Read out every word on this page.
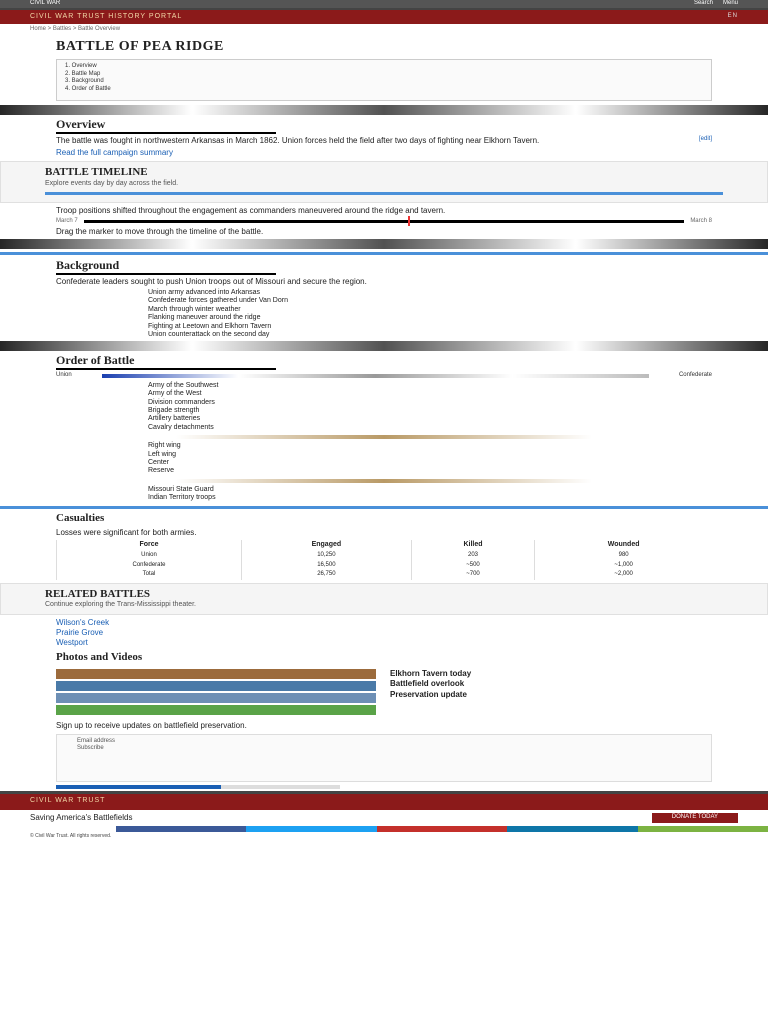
CIVIL WAR	Search Menu
CIVIL WAR TRUST HISTORY PORTAL	EN
Home > Battles > Battle Overview
BATTLE OF PEA RIDGE
1. Overview
2. Battle Map
3. Background
4. Order of Battle
Overview
[edit]

The battle was fought in northwestern Arkansas in March 1862. Union forces held the field after two days of fighting near Elkhorn Tavern.

Read the full campaign summary

BATTLE TIMELINE
Explore events day by day across the field.

Troop positions shifted throughout the engagement as commanders maneuvered around the ridge and tavern.

March 7	March 8

Drag the marker to move through the timeline of the battle.

Background

Confederate leaders sought to push Union troops out of Missouri and secure the region.

Union army advanced into Arkansas
Confederate forces gathered under Van Dorn
March through winter weather
Flanking maneuver around the ridge
Fighting at Leetown and Elkhorn Tavern
Union counterattack on the second day
Order of Battle
Union	Confederate
Army of the Southwest
Army of the West
Division commanders
Brigade strength
Artillery batteries
Cavalry detachments
Right wing
Left wing
Center
Reserve
Missouri State Guard
Indian Territory troops
Casualties

Losses were significant for both armies.

Force	Engaged	Killed	Wounded
Union	10,250	203	980
Confederate	16,500	~500	~1,000
Total	26,750	~700	~2,000
RELATED BATTLES
Continue exploring the Trans-Mississippi theater.
Wilson's Creek
Prairie Grove
Westport
Photos and Videos
Elkhorn Tavern today
Battlefield overlook
Preservation update

Sign up to receive updates on battlefield preservation.

Email address
Subscribe
CIVIL WAR TRUST
Saving America's Battlefields	DONATE TODAY
© Civil War Trust. All rights reserved.
